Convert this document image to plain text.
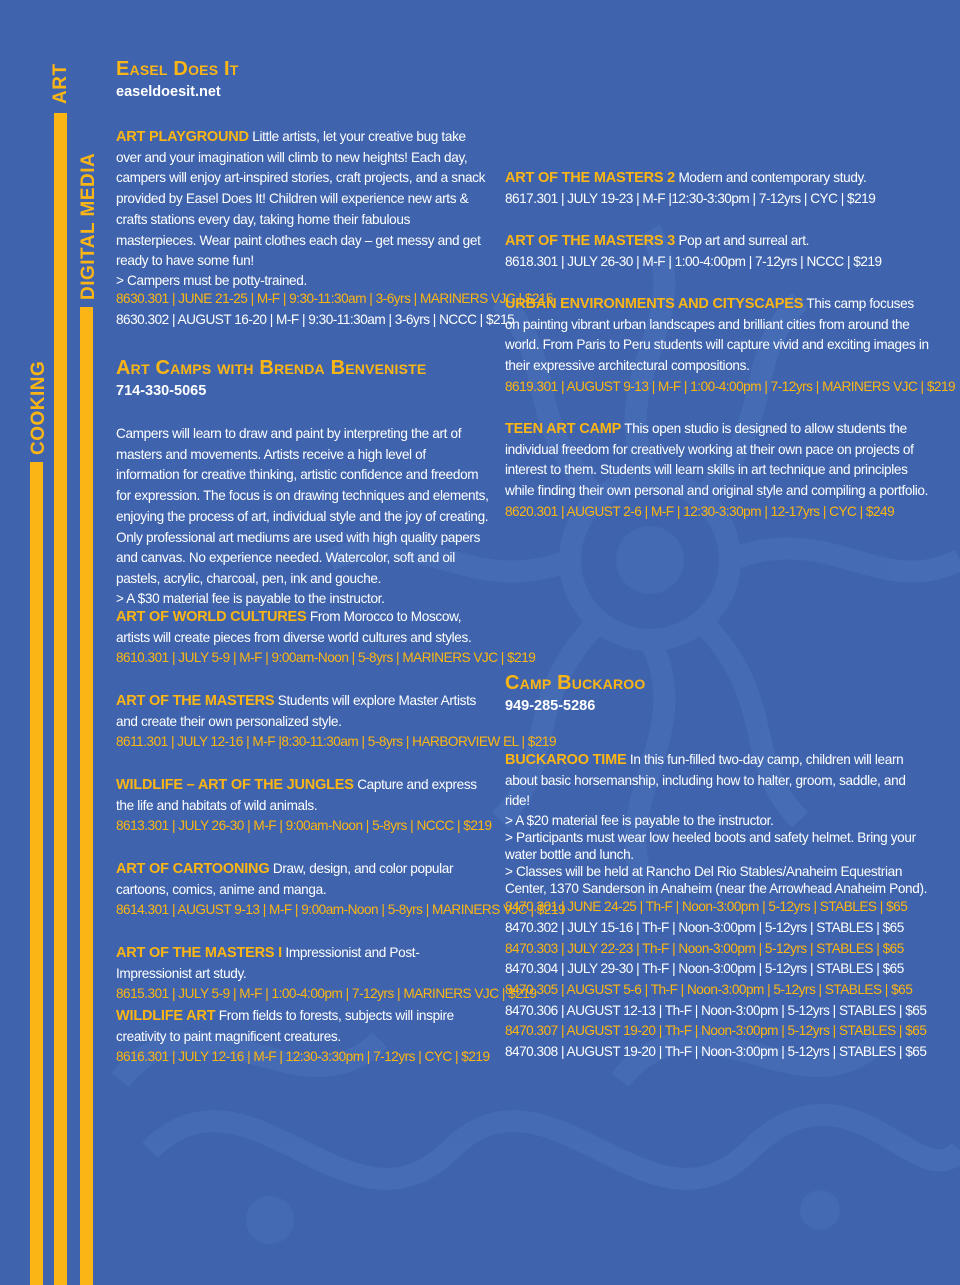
COOKING
ART
DIGITAL MEDIA
Easel Does It
easeldoesit.net

ART PLAYGROUND Little artists, let your creative bug take over and your imagination will climb to new heights! Each day, campers will enjoy art-inspired stories, craft projects, and a snack provided by Easel Does It! Children will experience new arts & crafts stations every day, taking home their fabulous masterpieces. Wear paint clothes each day – get messy and get ready to have some fun!

> Campers must be potty-trained.

8630.301 | JUNE 21-25 | M-F | 9:30-11:30am | 3-6yrs | MARINERS VJC | $215

8630.302 | AUGUST 16-20 | M-F | 9:30-11:30am | 3-6yrs | NCCC | $215

Art Camps with Brenda Benveniste
714-330-5065

Campers will learn to draw and paint by interpreting the art of masters and movements. Artists receive a high level of information for creative thinking, artistic confidence and freedom for expression. The focus is on drawing techniques and elements, enjoying the process of art, individual style and the joy of creating. Only professional art mediums are used with high quality papers and canvas. No experience needed. Watercolor, soft and oil pastels, acrylic, charcoal, pen, ink and gouche.

> A $30 material fee is payable to the instructor.

ART OF WORLD CULTURES From Morocco to Moscow, artists will create pieces from diverse world cultures and styles.

8610.301 | JULY 5-9 | M-F | 9:00am-Noon | 5-8yrs | MARINERS VJC | $219

ART OF THE MASTERS Students will explore Master Artists and create their own personalized style.

8611.301 | JULY 12-16 | M-F |8:30-11:30am | 5-8yrs | HARBORVIEW EL | $219

WILDLIFE – ART OF THE JUNGLES Capture and express the life and habitats of wild animals.

8613.301 | JULY 26-30 | M-F | 9:00am-Noon | 5-8yrs | NCCC | $219

ART OF CARTOONING Draw, design, and color popular cartoons, comics, anime and manga.

8614.301 | AUGUST 9-13 | M-F | 9:00am-Noon | 5-8yrs | MARINERS VJC | $219

ART OF THE MASTERS I Impressionist and Post-Impressionist art study.

8615.301 | JULY 5-9 | M-F | 1:00-4:00pm | 7-12yrs | MARINERS VJC | $219

WILDLIFE ART From fields to forests, subjects will inspire creativity to paint magnificent creatures.

8616.301 | JULY 12-16 | M-F | 12:30-3:30pm | 7-12yrs | CYC | $219

ART OF THE MASTERS 2 Modern and contemporary study.

8617.301 | JULY 19-23 | M-F |12:30-3:30pm | 7-12yrs | CYC | $219

ART OF THE MASTERS 3 Pop art and surreal art.

8618.301 | JULY 26-30 | M-F | 1:00-4:00pm | 7-12yrs | NCCC | $219

URBAN ENVIRONMENTS AND CITYSCAPES This camp focuses on painting vibrant urban landscapes and brilliant cities from around the world. From Paris to Peru students will capture vivid and exciting images in their expressive architectural compositions.

8619.301 | AUGUST 9-13 | M-F | 1:00-4:00pm | 7-12yrs | MARINERS VJC | $219

TEEN ART CAMP This open studio is designed to allow students the individual freedom for creatively working at their own pace on projects of interest to them. Students will learn skills in art technique and principles while finding their own personal and original style and compiling a portfolio.

8620.301 | AUGUST 2-6 | M-F | 12:30-3:30pm | 12-17yrs | CYC | $249

Camp Buckaroo
949-285-5286

BUCKAROO TIME In this fun-filled two-day camp, children will learn about basic horsemanship, including how to halter, groom, saddle, and ride!

> A $20 material fee is payable to the instructor.

> Participants must wear low heeled boots and safety helmet. Bring your water bottle and lunch.

> Classes will be held at Rancho Del Rio Stables/Anaheim Equestrian Center, 1370 Sanderson in Anaheim (near the Arrowhead Anaheim Pond).

8470.301 | JUNE 24-25 | Th-F | Noon-3:00pm | 5-12yrs | STABLES | $65

8470.302 | JULY 15-16 | Th-F | Noon-3:00pm | 5-12yrs | STABLES | $65

8470.303 | JULY 22-23 | Th-F | Noon-3:00pm | 5-12yrs | STABLES | $65

8470.304 | JULY 29-30 | Th-F | Noon-3:00pm | 5-12yrs | STABLES | $65

8470.305 | AUGUST 5-6 | Th-F | Noon-3:00pm | 5-12yrs | STABLES | $65

8470.306 | AUGUST 12-13 | Th-F | Noon-3:00pm | 5-12yrs | STABLES | $65

8470.307 | AUGUST 19-20 | Th-F | Noon-3:00pm | 5-12yrs | STABLES | $65

8470.308 | AUGUST 19-20 | Th-F | Noon-3:00pm | 5-12yrs | STABLES | $65
